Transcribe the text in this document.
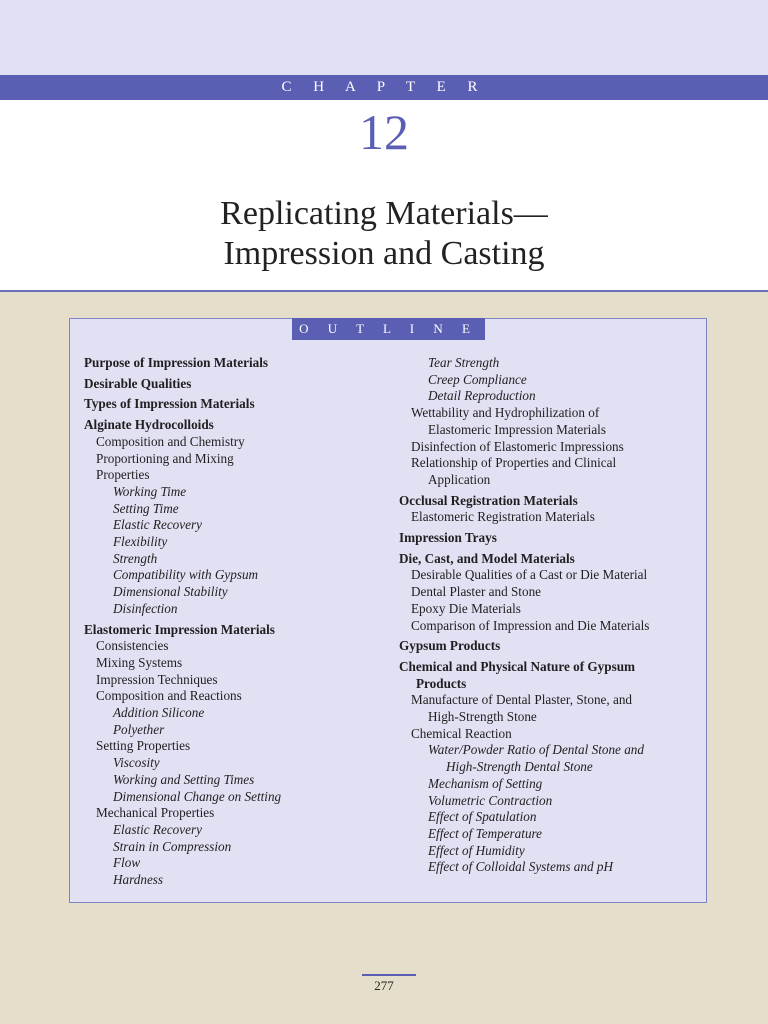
C H A P T E R
12
Replicating Materials—
Impression and Casting
O U T L I N E
Purpose of Impression Materials
Desirable Qualities
Types of Impression Materials
Alginate Hydrocolloids
Composition and Chemistry
Proportioning and Mixing
Properties
Working Time
Setting Time
Elastic Recovery
Flexibility
Strength
Compatibility with Gypsum
Dimensional Stability
Disinfection
Elastomeric Impression Materials
Consistencies
Mixing Systems
Impression Techniques
Composition and Reactions
Addition Silicone
Polyether
Setting Properties
Viscosity
Working and Setting Times
Dimensional Change on Setting
Mechanical Properties
Elastic Recovery
Strain in Compression
Flow
Hardness
Tear Strength
Creep Compliance
Detail Reproduction
Wettability and Hydrophilization of
Elastomeric Impression Materials
Disinfection of Elastomeric Impressions
Relationship of Properties and Clinical
Application
Occlusal Registration Materials
Elastomeric Registration Materials
Impression Trays
Die, Cast, and Model Materials
Desirable Qualities of a Cast or Die Material
Dental Plaster and Stone
Epoxy Die Materials
Comparison of Impression and Die Materials
Gypsum Products
Chemical and Physical Nature of Gypsum
Products
Manufacture of Dental Plaster, Stone, and
High-Strength Stone
Chemical Reaction
Water/Powder Ratio of Dental Stone and
High-Strength Dental Stone
Mechanism of Setting
Volumetric Contraction
Effect of Spatulation
Effect of Temperature
Effect of Humidity
Effect of Colloidal Systems and pH
277
